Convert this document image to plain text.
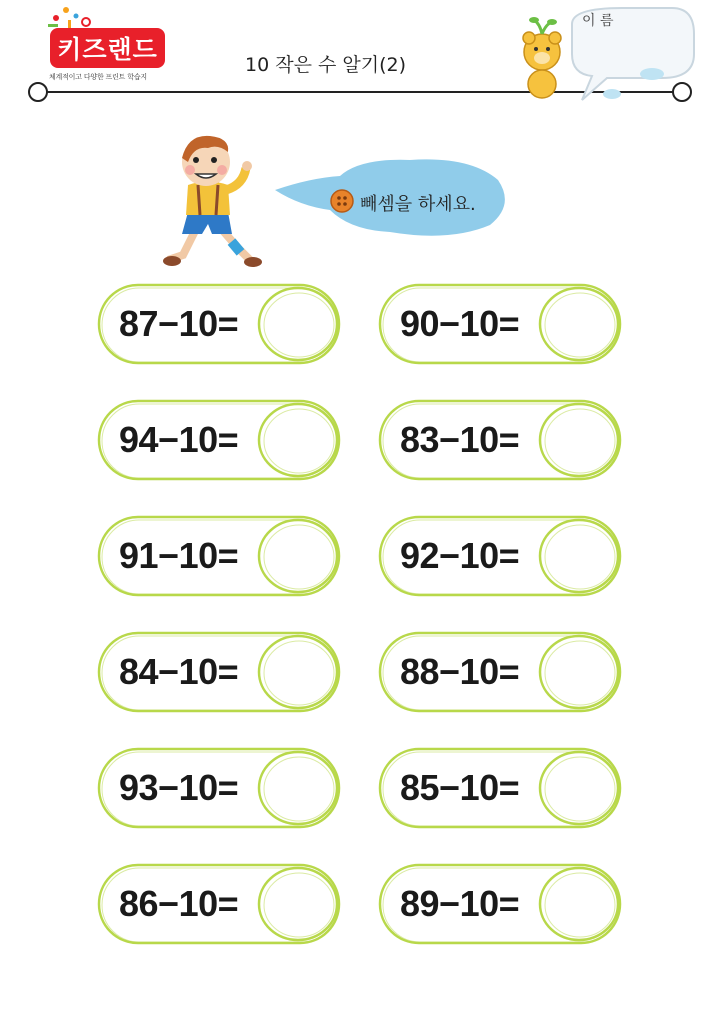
키즈랜드
체계적이고 다양한 프린트 학습지
10 작은 수 알기(2)
이 름
빼셈을 하세요.
87−10=	90−10=
94−10=	83−10=
91−10=	92−10=
84−10=	88−10=
93−10=	85−10=
86−10=	89−10=
